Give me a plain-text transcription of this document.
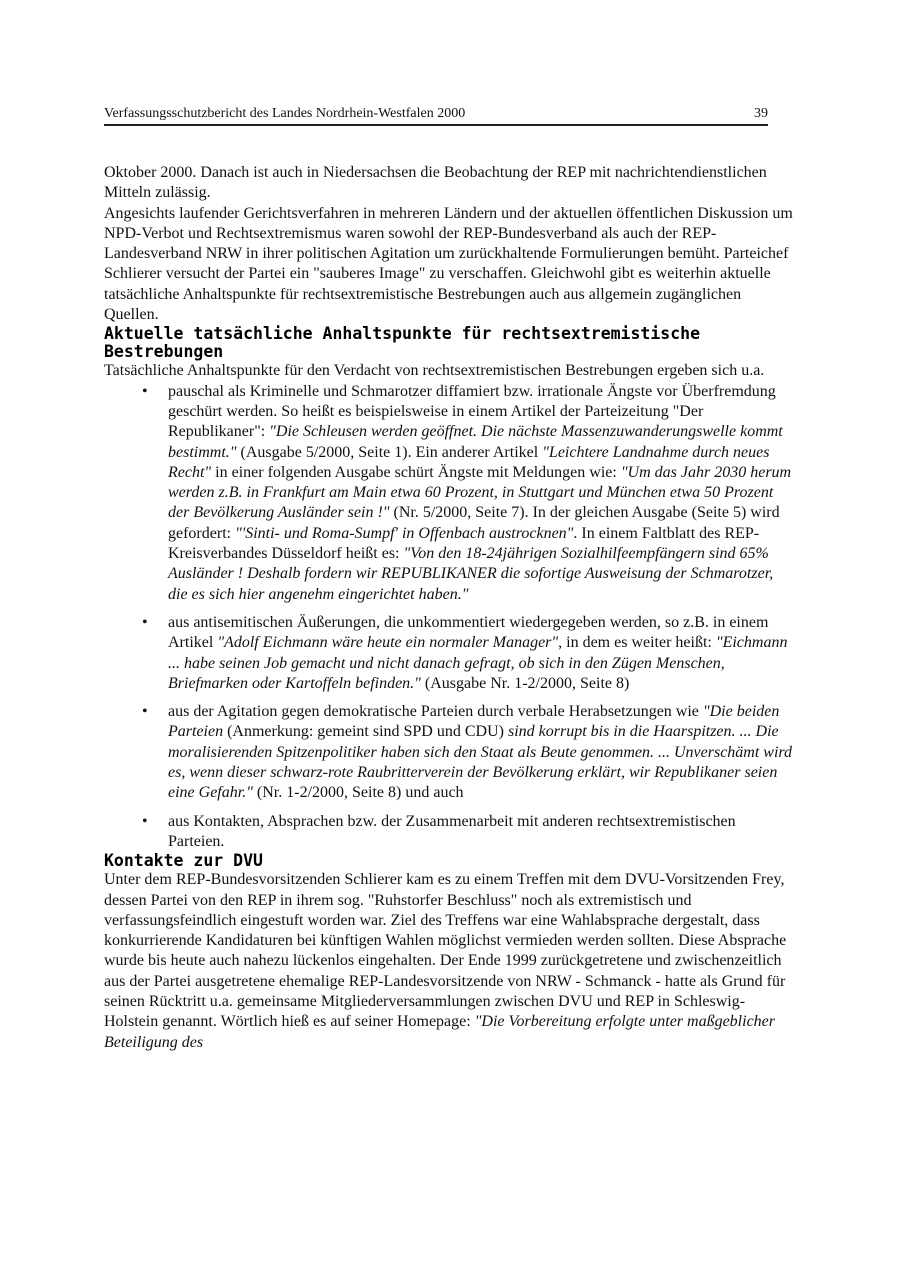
Verfassungsschutzbericht des Landes Nordrhein-Westfalen 2000	39

Oktober 2000. Danach ist auch in Niedersachsen die Beobachtung der REP mit nachrichtendienstlichen Mitteln zulässig.

Angesichts laufender Gerichtsverfahren in mehreren Ländern und der aktuellen öffentlichen Diskussion um NPD-Verbot und Rechtsextremismus waren sowohl der REP-Bundesverband als auch der REP-Landesverband NRW in ihrer politischen Agitation um zurückhaltende Formulierungen bemüht. Parteichef Schlierer versucht der Partei ein "sauberes Image" zu verschaffen. Gleichwohl gibt es weiterhin aktuelle tatsächliche Anhaltspunkte für rechtsextremistische Bestrebungen auch aus allgemein zugänglichen Quellen.

Aktuelle tatsächliche Anhaltspunkte für rechtsextremistische Bestrebungen

Tatsächliche Anhaltspunkte für den Verdacht von rechtsextremistischen Bestrebungen ergeben sich u.a.

• pauschal als Kriminelle und Schmarotzer diffamiert bzw. irrationale Ängste vor Überfremdung geschürt werden. So heißt es beispielsweise in einem Artikel der Parteizeitung "Der Republikaner": "Die Schleusen werden geöffnet. Die nächste Massenzuwanderungswelle kommt bestimmt." (Ausgabe 5/2000, Seite 1). Ein anderer Artikel "Leichtere Landnahme durch neues Recht" in einer folgenden Ausgabe schürt Ängste mit Meldungen wie: "Um das Jahr 2030 herum werden z.B. in Frankfurt am Main etwa 60 Prozent, in Stuttgart und München etwa 50 Prozent der Bevölkerung Ausländer sein !" (Nr. 5/2000, Seite 7). In der gleichen Ausgabe (Seite 5) wird gefordert: "'Sinti- und Roma-Sumpf' in Offenbach austrocknen". In einem Faltblatt des REP-Kreisverbandes Düsseldorf heißt es: "Von den 18-24jährigen Sozialhilfeempfängern sind 65% Ausländer ! Deshalb fordern wir REPUBLIKANER die sofortige Ausweisung der Schmarotzer, die es sich hier angenehm eingerichtet haben."
• aus antisemitischen Äußerungen, die unkommentiert wiedergegeben werden, so z.B. in einem Artikel "Adolf Eichmann wäre heute ein normaler Manager", in dem es weiter heißt: "Eichmann ... habe seinen Job gemacht und nicht danach gefragt, ob sich in den Zügen Menschen, Briefmarken oder Kartoffeln befinden." (Ausgabe Nr. 1-2/2000, Seite 8)
• aus der Agitation gegen demokratische Parteien durch verbale Herabsetzungen wie "Die beiden Parteien (Anmerkung: gemeint sind SPD und CDU) sind korrupt bis in die Haarspitzen. ... Die moralisierenden Spitzenpolitiker haben sich den Staat als Beute genommen. ... Unverschämt wird es, wenn dieser schwarz-rote Raubritterverein der Bevölkerung erklärt, wir Republikaner seien eine Gefahr." (Nr. 1-2/2000, Seite 8) und auch
• aus Kontakten, Absprachen bzw. der Zusammenarbeit mit anderen rechtsextremistischen Parteien.
Kontakte zur DVU

Unter dem REP-Bundesvorsitzenden Schlierer kam es zu einem Treffen mit dem DVU-Vorsitzenden Frey, dessen Partei von den REP in ihrem sog. "Ruhstorfer Beschluss" noch als extremistisch und verfassungsfeindlich eingestuft worden war. Ziel des Treffens war eine Wahlabsprache dergestalt, dass konkurrierende Kandidaturen bei künftigen Wahlen möglichst vermieden werden sollten. Diese Absprache wurde bis heute auch nahezu lückenlos eingehalten. Der Ende 1999 zurückgetretene und zwischenzeitlich aus der Partei ausgetretene ehemalige REP-Landesvorsitzende von NRW - Schmanck - hatte als Grund für seinen Rücktritt u.a. gemeinsame Mitgliederversammlungen zwischen DVU und REP in Schleswig-Holstein genannt. Wörtlich hieß es auf seiner Homepage: "Die Vorbereitung erfolgte unter maßgeblicher Beteiligung des
